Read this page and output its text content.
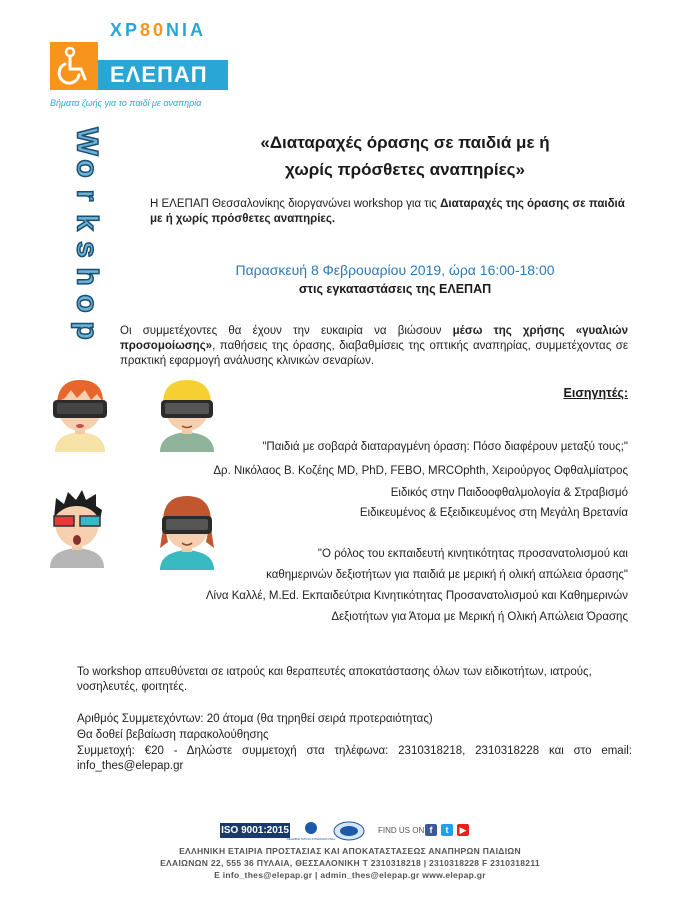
ΧΡ80ΝΙΑ
ΕΛΕΠΑΠ
Βήματα ζωής για το παιδί με αναπηρία
W
o
r
k
s
h
o
p
«Διαταραχές όρασης σε παιδιά με ή
χωρίς πρόσθετες αναπηρίες»
Η ΕΛΕΠΑΠ Θεσσαλονίκης διοργανώνει workshop για τις Διαταραχές της όρασης σε παιδιά με ή χωρίς πρόσθετες αναπηρίες.
Παρασκευή 8 Φεβρουαρίου 2019, ώρα 16:00-18:00
στις εγκαταστάσεις της ΕΛΕΠΑΠ
Οι συμμετέχοντες θα έχουν την ευκαιρία να βιώσουν μέσω της χρήσης «γυαλιών προσομοίωσης», παθήσεις της όρασης, διαβαθμίσεις της οπτικής αναπηρίας, συμμετέχοντας σε πρακτική εφαρμογή ανάλυσης κλινικών σεναρίων.
Εισηγητές:
"Παιδιά με σοβαρά διαταραγμένη όραση: Πόσο διαφέρουν μεταξύ τους;"
Δρ. Νικόλαος Β. Κοζέης MD, PhD, FEBO, MRCOphth, Χειρούργος Οφθαλμίατρος
Ειδικός στην Παιδοοφθαλμολογία & Στραβισμό
Ειδικευμένος & Εξειδικευμένος στη Μεγάλη Βρετανία
"Ο ρόλος του εκπαιδευτή κινητικότητας προσανατολισμού και
καθημερινών δεξιοτήτων για παιδιά με μερική ή ολική απώλεια όρασης"
Λίνα Καλλέ, M.Ed. Εκπαιδεύτρια Κινητικότητας Προσανατολισμού και Καθημερινών
Δεξιοτήτων για Άτομα με Μερική ή Ολική Απώλεια Όρασης
Το workshop απευθύνεται σε ιατρούς και θεραπευτές αποκατάστασης όλων των ειδικοτήτων, ιατρούς, νοσηλευτές, φοιτητές.
Αριθμός Συμμετεχόντων: 20 άτομα (θα τηρηθεί σειρά προτεραιότητας)
Θα δοθεί βεβαίωση παρακολούθησης
Συμμετοχή: €20 - Δηλώστε συμμετοχή στα τηλέφωνα: 2310318218, 2310318228 και στο email: info_thes@elepap.gr
ISO 9001:2015
REHABILITATION INTERNATIONAL
FIND US ON f	t	▶
ΕΛΛΗΝΙΚΗ ΕΤΑΙΡΙΑ ΠΡΟΣΤΑΣΙΑΣ ΚΑΙ ΑΠΟΚΑΤΑΣΤΑΣΕΩΣ ΑΝΑΠΗΡΩΝ ΠΑΙΔΙΩΝ
ΕΛΑΙΩΝΩΝ 22, 555 36 ΠΥΛΑΙΑ, ΘΕΣΣΑΛΟΝΙΚΗ Τ 2310318218 | 2310318228 F 2310318211
E info_thes@elepap.gr | admin_thes@elepap.gr www.elepap.gr
